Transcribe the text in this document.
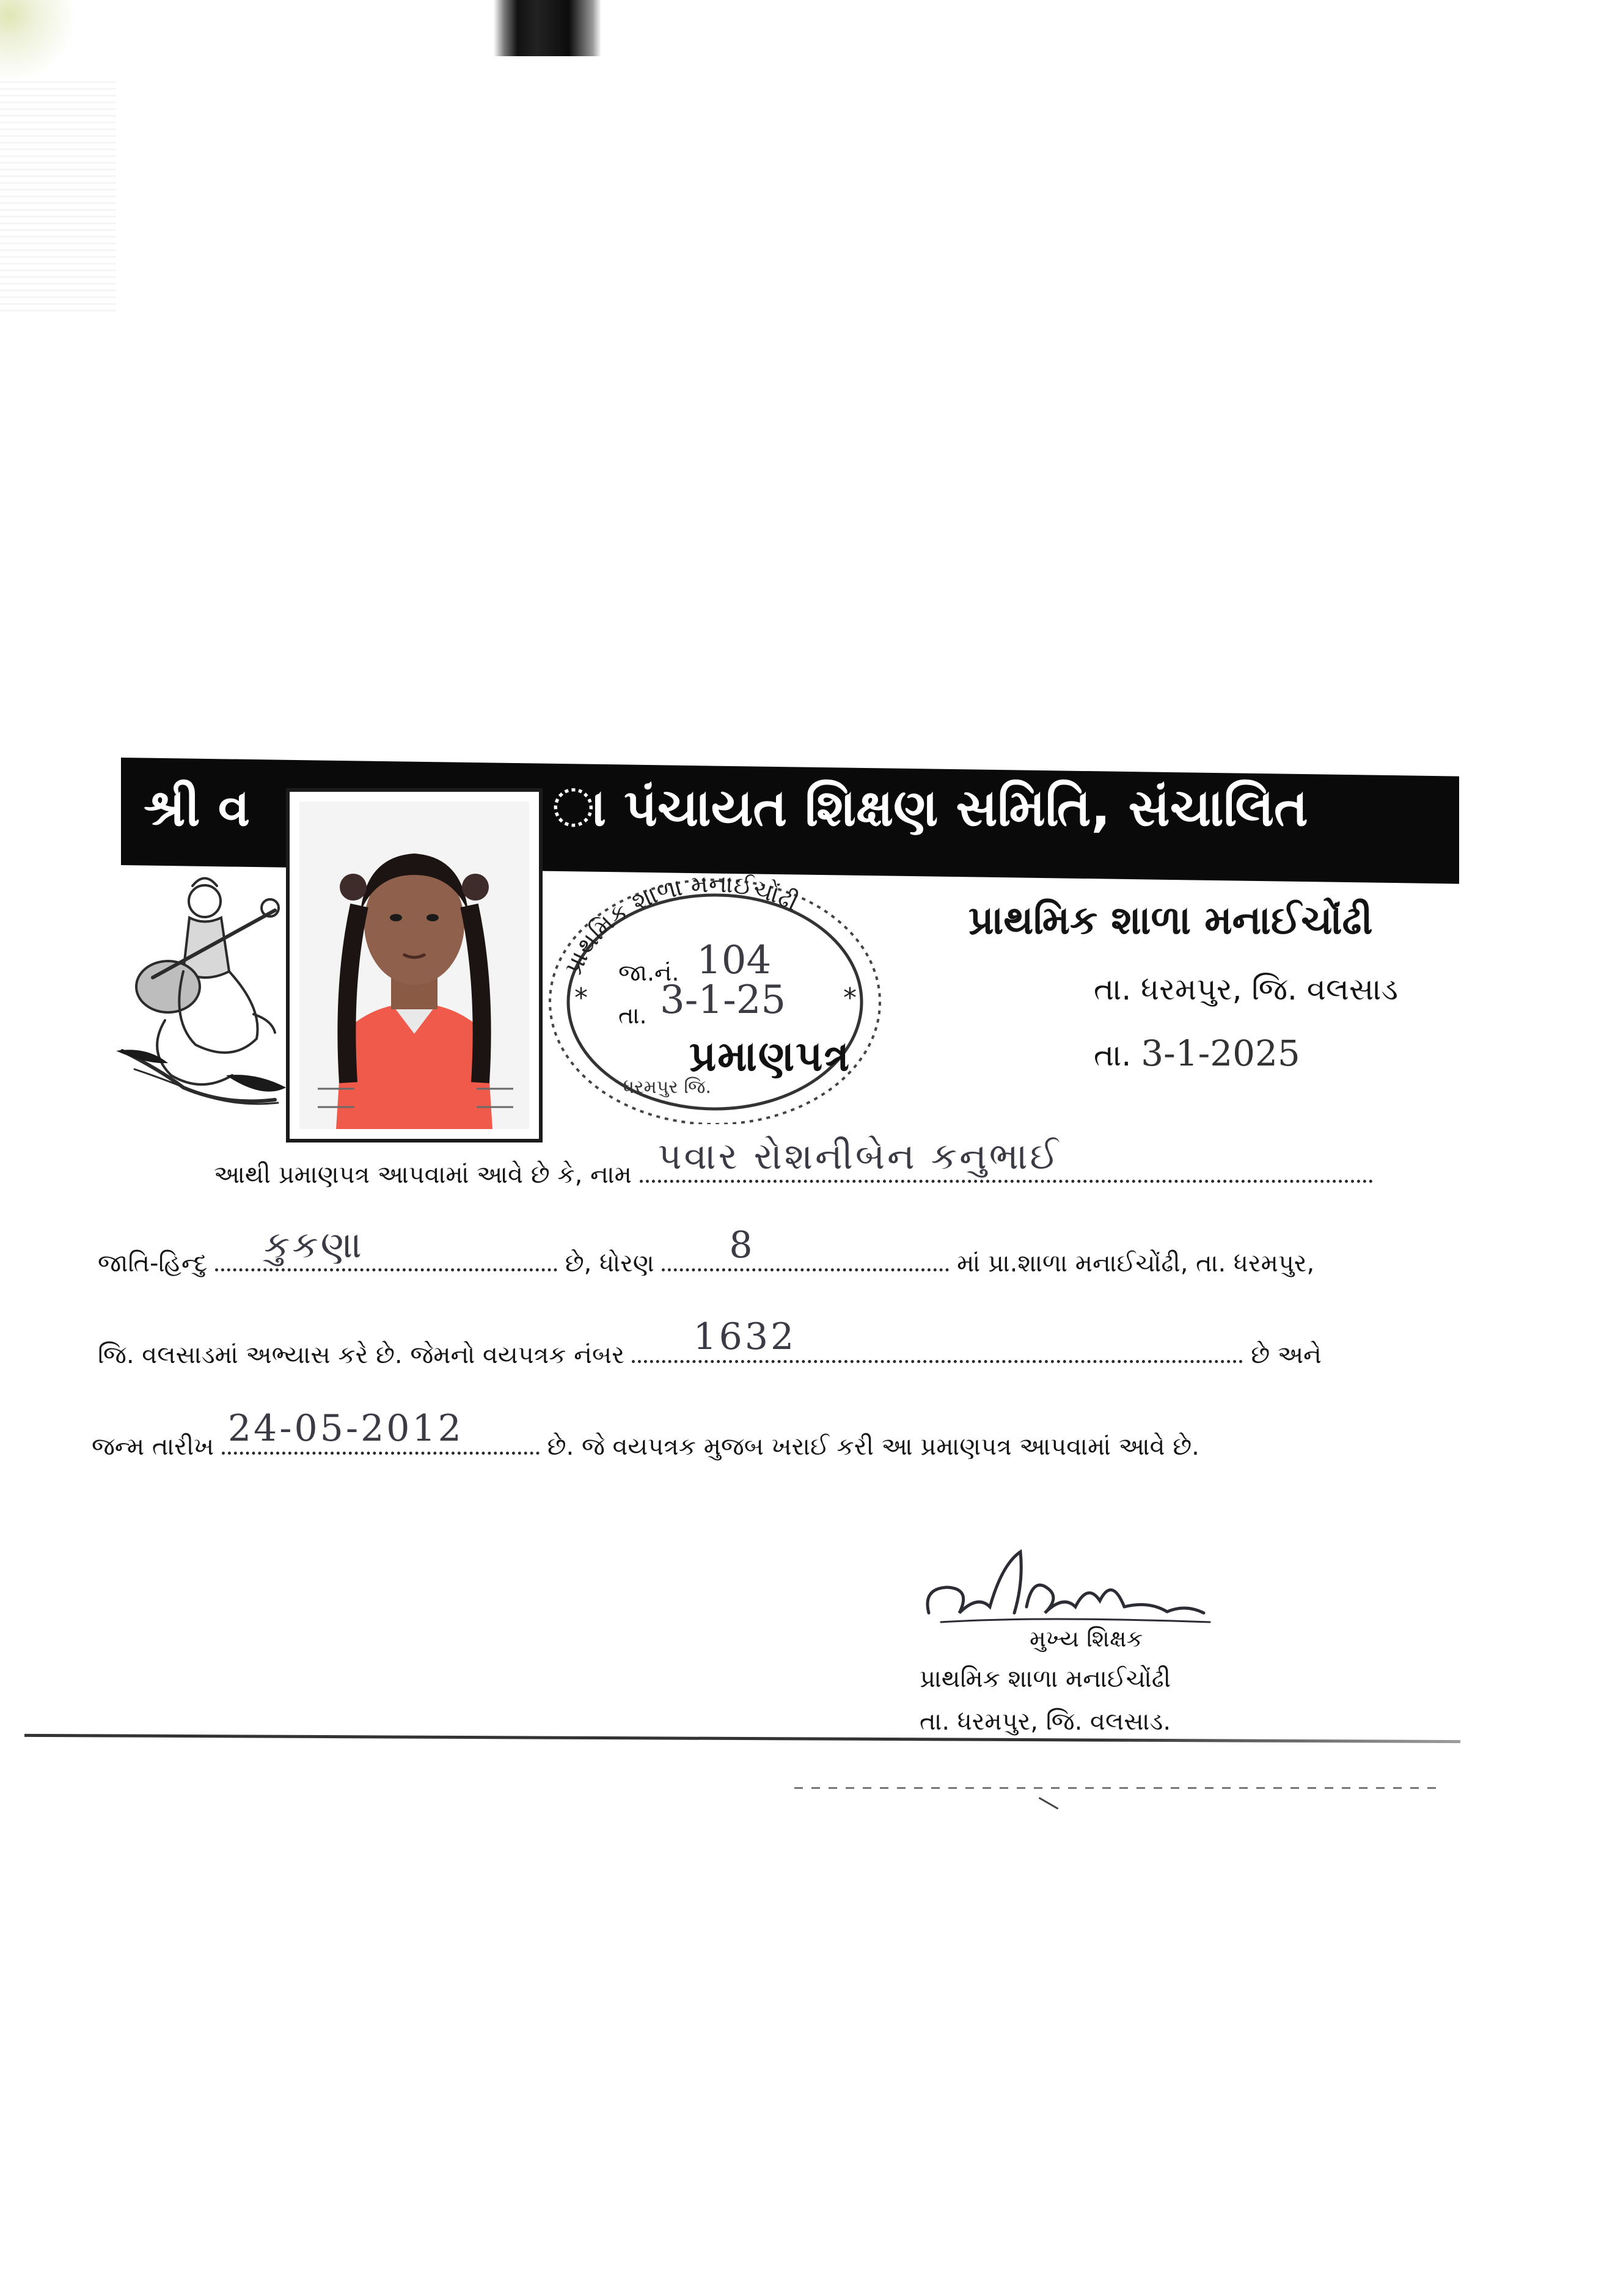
શ્રી વ	ા પંચાયત શિક્ષણ સમિતિ, સંચાલિત
પ્રાથમિક શાળા મનાઈચોંઢી
*	*
જા.નં. 104
તા. 3-1-25
પ્રમાણપત્ર
ધરમપુર જિ.
પ્રાથમિક શાળા મનાઈચોંઢી
તા. ધરમપુર, જિ. વલસાડ
તા. 3-1-2025
આથી પ્રમાણપત્ર આપવામાં આવે છે કે, નામ પવાર રોશનીબેન કનુભાઈ
જાતિ-હિન્દુ કુકણા	છે, ધોરણ 8	માં પ્રા.શાળા મનાઈચોંઢી, તા. ધરમપુર,
જિ. વલસાડમાં અભ્યાસ કરે છે. જેમનો વયપત્રક નંબર 1632	છે અને
જન્મ તારીખ 24-05-2012	છે. જે વયપત્રક મુજબ ખરાઈ કરી આ પ્રમાણપત્ર આપવામાં આવે છે.
મુખ્ય શિક્ષક
પ્રાથમિક શાળા મનાઈચોંઢી
તા. ધરમપુર, જિ. વલસાડ.
